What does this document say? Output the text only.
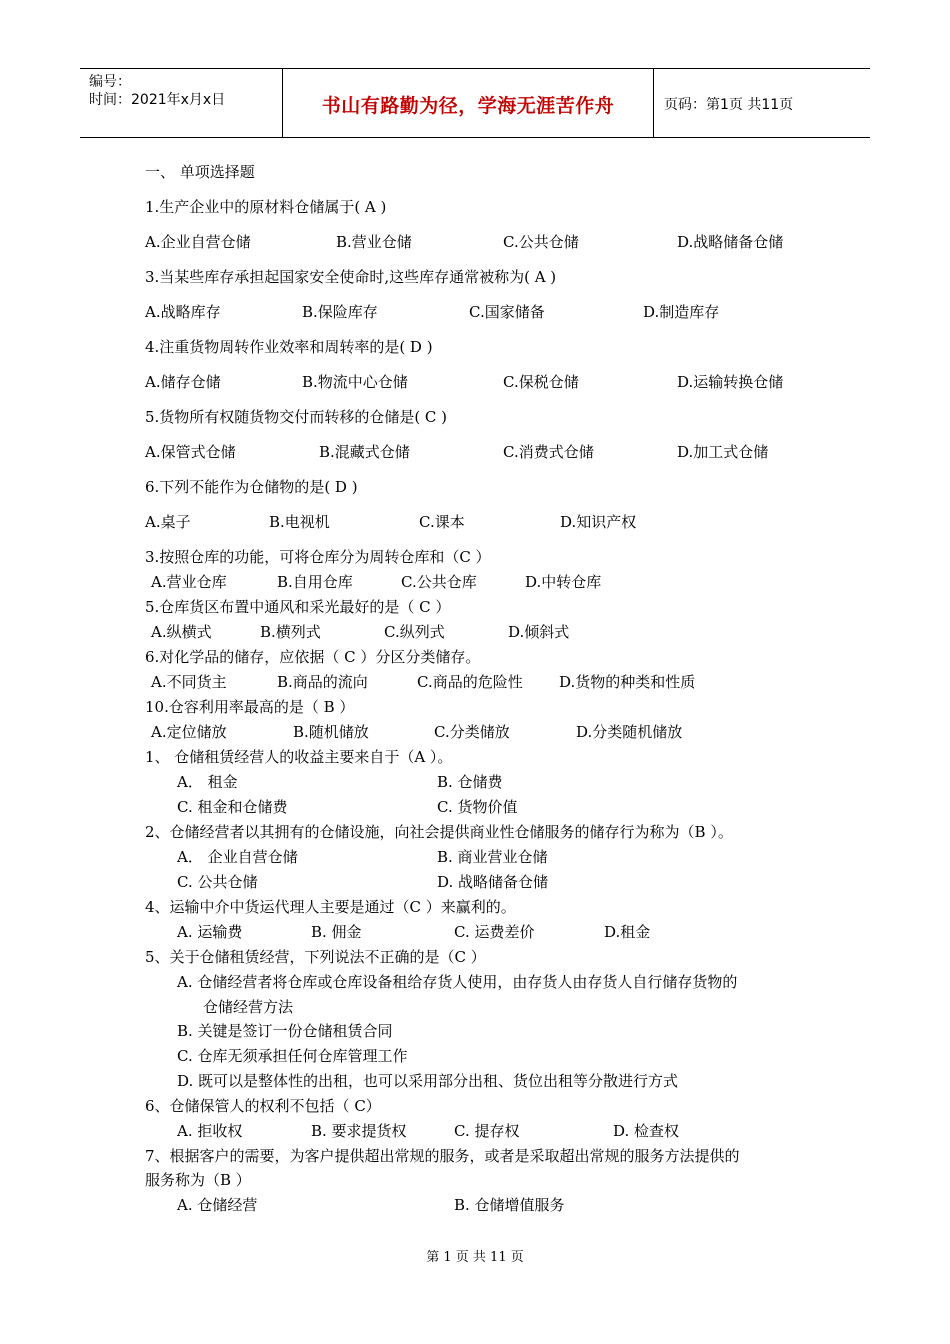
编号：
时间：2021年x月x日	书山有路勤为径，学海无涯苦作舟	页码：第1页 共11页
一、 单项选择题
1.生产企业中的原材料仓储属于( A )
A.企业自营仓储	B.营业仓储	C.公共仓储	D.战略储备仓储
3.当某些库存承担起国家安全使命时,这些库存通常被称为( A )
A.战略库存	B.保险库存	C.国家储备	D.制造库存
4.注重货物周转作业效率和周转率的是( D )
A.储存仓储	B.物流中心仓储	C.保税仓储	D.运输转换仓储
5.货物所有权随货物交付而转移的仓储是( C )
A.保管式仓储	B.混藏式仓储	C.消费式仓储	D.加工式仓储
6.下列不能作为仓储物的是( D )
A.桌子	B.电视机	C.课本	D.知识产权
3.按照仓库的功能，可将仓库分为周转仓库和（C ）
A.营业仓库	B.自用仓库	C.公共仓库	D.中转仓库
5.仓库货区布置中通风和采光最好的是（ C ）
A.纵横式	B.横列式	C.纵列式	D.倾斜式
6.对化学品的储存，应依据（ C ）分区分类储存。
A.不同货主	B.商品的流向	C.商品的危险性 D.货物的种类和性质
10.仓容利用率最高的是（ B ）
A.定位储放	B.随机储放	C.分类储放	D.分类随机储放
1、 仓储租赁经营人的收益主要来自于（A ）。
A． 租金	B. 仓储费
C. 租金和仓储费	C. 货物价值
2、仓储经营者以其拥有的仓储设施，向社会提供商业性仓储服务的储存行为称为（B ）。
A． 企业自营仓储	B. 商业营业仓储
C. 公共仓储	D. 战略储备仓储
4、运输中介中货运代理人主要是通过（C ）来赢利的。
A. 运输费	B. 佣金	C. 运费差价	D.租金
5、关于仓储租赁经营，下列说法不正确的是（C ）
A. 仓储经营者将仓库或仓库设备租给存货人使用，由存货人由存货人自行储存货物的
仓储经营方法
B. 关键是签订一份仓储租赁合同
C. 仓库无须承担任何仓库管理工作
D. 既可以是整体性的出租，也可以采用部分出租、货位出租等分散进行方式
6、仓储保管人的权利不包括（ C）
A. 拒收权	B. 要求提货权	C. 提存权	D. 检查权
7、根据客户的需要，为客户提供超出常规的服务，或者是采取超出常规的服务方法提供的
服务称为（B ）
A. 仓储经营	B. 仓储增值服务
第 1 页 共 11 页
